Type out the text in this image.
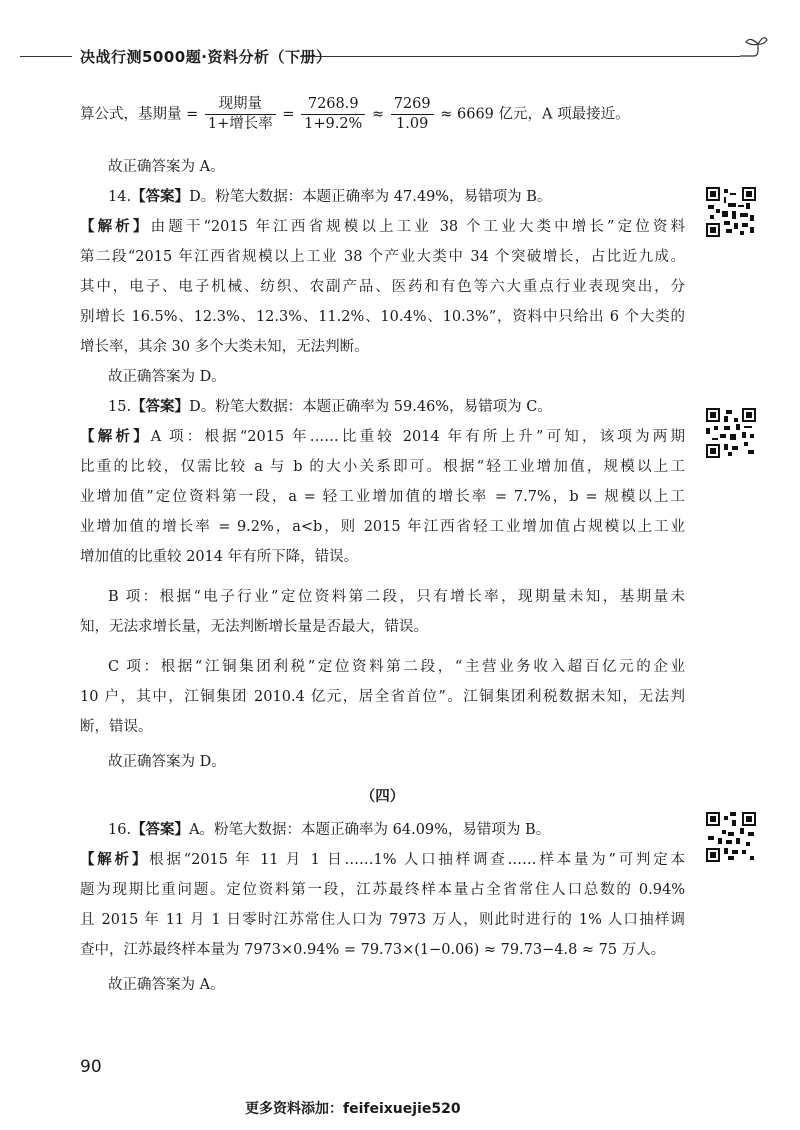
决战行测5000题·资料分析（下册）
算公式，基期量 = $\frac{\text{现期量}}{\text{1+增长率}} = \frac{7268.9}{1+9.2\%} \approx \frac{7269}{1.09} \approx 6669$ 亿元，A 项最接近。
故正确答案为 A。
14.【答案】D。粉笔大数据：本题正确率为 47.49%，易错项为 B。
【解析】由题干“2015 年江西省规模以上工业 38 个工业大类中增长”定位资料
第二段“2015 年江西省规模以上工业 38 个产业大类中 34 个突破增长，占比近九成。
其中，电子、电子机械、纺织、农副产品、医药和有色等六大重点行业表现突出，分
别增长 16.5%、12.3%、12.3%、11.2%、10.4%、10.3%”，资料中只给出 6 个大类的
增长率，其余 30 多个大类未知，无法判断。
故正确答案为 D。
15.【答案】D。粉笔大数据：本题正确率为 59.46%，易错项为 C。
【解析】A 项：根据“2015 年……比重较 2014 年有所上升”可知，该项为两期
比重的比较，仅需比较 a 与 b 的大小关系即可。根据“轻工业增加值，规模以上工
业增加值”定位资料第一段，a = 轻工业增加值的增长率 = 7.7%，b = 规模以上工
业增加值的增长率 = 9.2%，a<b，则 2015 年江西省轻工业增加值占规模以上工业
增加值的比重较 2014 年有所下降，错误。
B 项：根据“电子行业”定位资料第二段，只有增长率，现期量未知，基期量未
知，无法求增长量，无法判断增长量是否最大，错误。
C 项：根据“江铜集团利税”定位资料第二段，“主营业务收入超百亿元的企业
10 户，其中，江铜集团 2010.4 亿元，居全省首位”。江铜集团利税数据未知，无法判
断，错误。
故正确答案为 D。
（四）
16.【答案】A。粉笔大数据：本题正确率为 64.09%，易错项为 B。
【解析】根据“2015 年 11 月 1 日……1% 人口抽样调查……样本量为”可判定本
题为现期比重问题。定位资料第一段，江苏最终样本量占全省常住人口总数的 0.94%
且 2015 年 11 月 1 日零时江苏常住人口为 7973 万人，则此时进行的 1% 人口抽样调
查中，江苏最终样本量为 7973×0.94% = 79.73×(1−0.06) ≈ 79.73−4.8 ≈ 75 万人。
故正确答案为 A。
90
更多资料添加：feifeixuejie520
